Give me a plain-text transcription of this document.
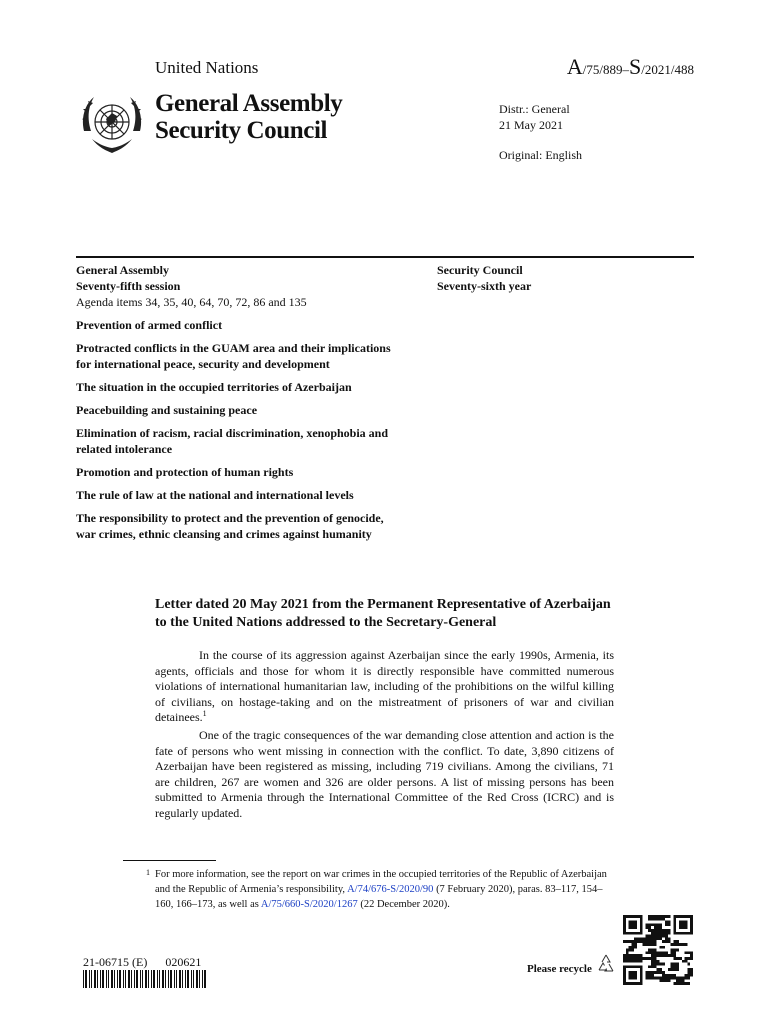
United Nations	A/75/889–S/2021/488
General Assembly
Security Council
Distr.: General
21 May 2021
Original: English
General Assembly
Seventy-fifth session
Agenda items 34, 35, 40, 64, 70, 72, 86 and 135
Security Council
Seventy-sixth year
Prevention of armed conflict
Protracted conflicts in the GUAM area and their implications for international peace, security and development
The situation in the occupied territories of Azerbaijan
Peacebuilding and sustaining peace
Elimination of racism, racial discrimination, xenophobia and related intolerance
Promotion and protection of human rights
The rule of law at the national and international levels
The responsibility to protect and the prevention of genocide, war crimes, ethnic cleansing and crimes against humanity
Letter dated 20 May 2021 from the Permanent Representative of Azerbaijan to the United Nations addressed to the Secretary-General
In the course of its aggression against Azerbaijan since the early 1990s, Armenia, its agents, officials and those for whom it is directly responsible have committed numerous violations of international humanitarian law, including of the prohibitions on the wilful killing of civilians, on hostage-taking and on the mistreatment of prisoners of war and civilian detainees.$^1$
One of the tragic consequences of the war demanding close attention and action is the fate of persons who went missing in connection with the conflict. To date, 3,890 citizens of Azerbaijan have been registered as missing, including 719 civilians. Among the civilians, 71 are children, 267 are women and 326 are older persons. A list of missing persons has been submitted to Armenia through the International Committee of the Red Cross (ICRC) and is regularly updated.
1 For more information, see the report on war crimes in the occupied territories of the Republic of Azerbaijan and the Republic of Armenia’s responsibility, A/74/676-S/2020/90 (7 February 2020), paras. 83–117, 154–160, 166–173, as well as A/75/660-S/2020/1267 (22 December 2020).
21-06715 (E) 020621	Please recycle
